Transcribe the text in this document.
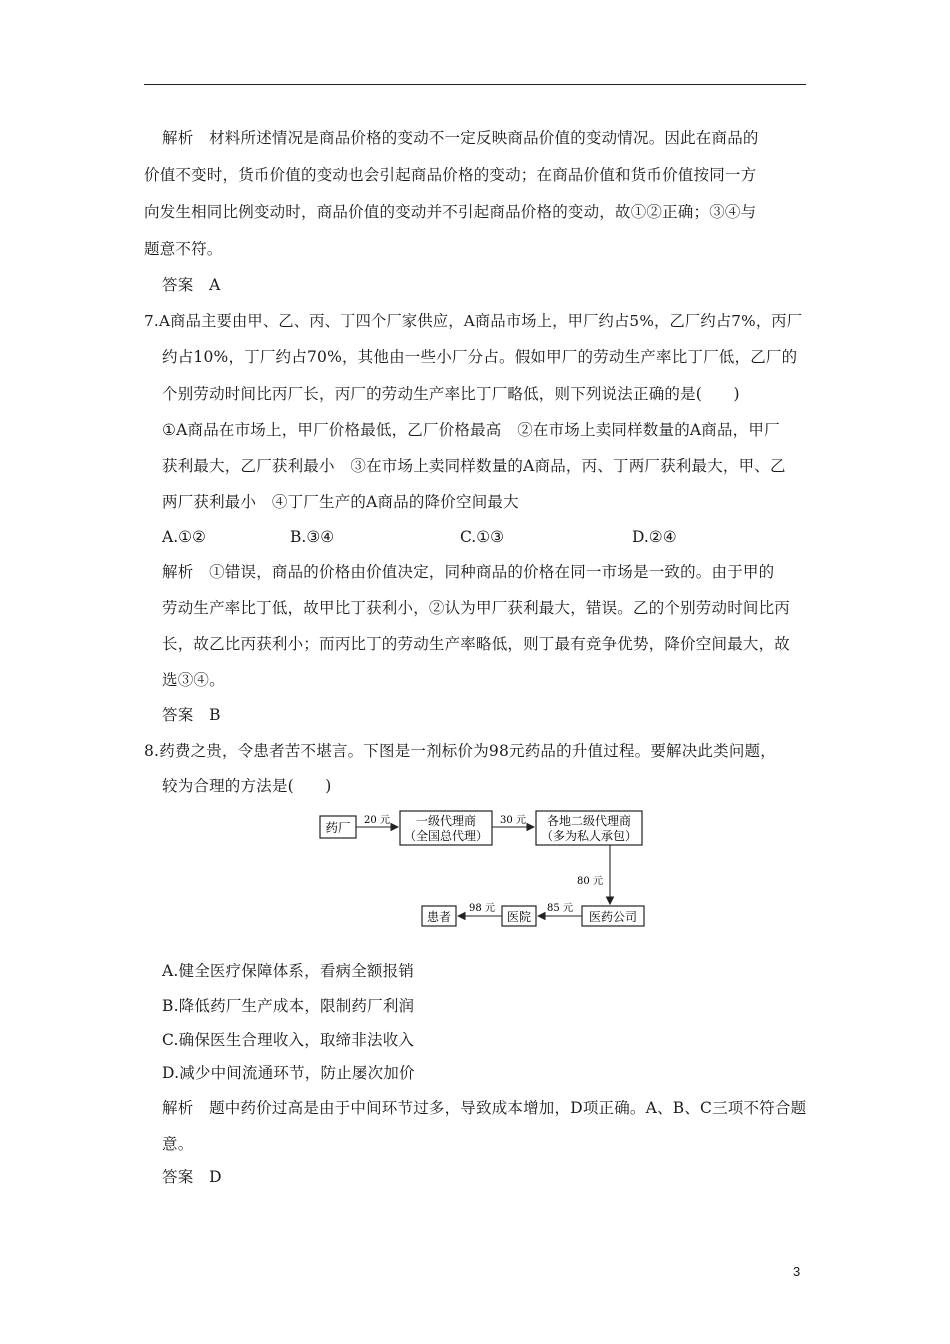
解析　材料所述情况是商品价格的变动不一定反映商品价值的变动情况。因此在商品的
价值不变时，货币价值的变动也会引起商品价格的变动；在商品价值和货币价值按同一方
向发生相同比例变动时，商品价值的变动并不引起商品价格的变动，故①②正确；③④与
题意不符。
答案　A
7.A商品主要由甲、乙、丙、丁四个厂家供应，A商品市场上，甲厂约占5%，乙厂约占7%，丙厂
约占10%，丁厂约占70%，其他由一些小厂分占。假如甲厂的劳动生产率比丁厂低，乙厂的
个别劳动时间比丙厂长，丙厂的劳动生产率比丁厂略低，则下列说法正确的是(　　)
①A商品在市场上，甲厂价格最低，乙厂价格最高　②在市场上卖同样数量的A商品，甲厂
获利最大，乙厂获利最小　③在市场上卖同样数量的A商品，丙、丁两厂获利最大，甲、乙
两厂获利最小　④丁厂生产的A商品的降价空间最大
A.①②	B.③④	C.①③	D.②④
解析　①错误，商品的价格由价值决定，同种商品的价格在同一市场是一致的。由于甲的
劳动生产率比丁低，故甲比丁获利小，②认为甲厂获利最大，错误。乙的个别劳动时间比丙
长，故乙比丙获利小；而丙比丁的劳动生产率略低，则丁最有竞争优势，降价空间最大，故
选③④。
答案　B
8.药费之贵，令患者苦不堪言。下图是一剂标价为98元药品的升值过程。要解决此类问题，
较为合理的方法是(　　)
药厂 20 元 一级代理商
（全国总代理）
30 元 各地二级代理商
（多为私人承包）
80 元
医药公司
85 元
医院
98 元
患者
A.健全医疗保障体系，看病全额报销
B.降低药厂生产成本，限制药厂利润
C.确保医生合理收入，取缔非法收入
D.减少中间流通环节，防止屡次加价
解析　题中药价过高是由于中间环节过多，导致成本增加，D项正确。A、B、C三项不符合题
意。
答案　D
3
